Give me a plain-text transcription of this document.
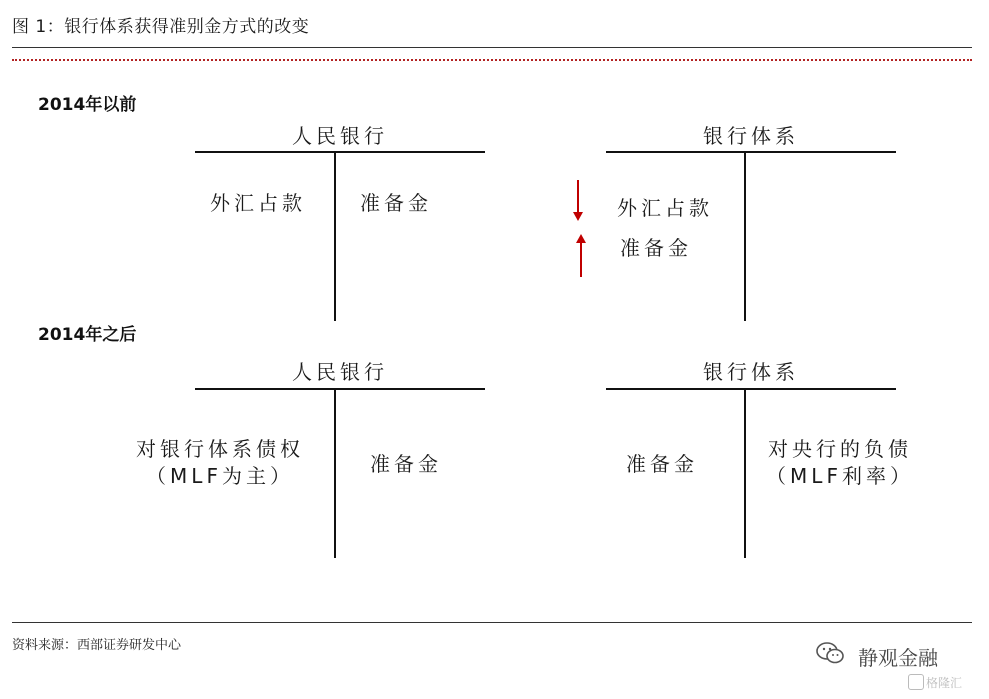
图 1：银行体系获得准别金方式的改变
2014年以前
人民银行
外汇占款	准备金
银行体系
外汇占款
准备金
2014年之后
人民银行
对银行体系债权
（MLF为主）	准备金
银行体系
准备金
对央行的负债
（MLF利率）
资料来源：西部证券研发中心
静观金融
格隆汇
